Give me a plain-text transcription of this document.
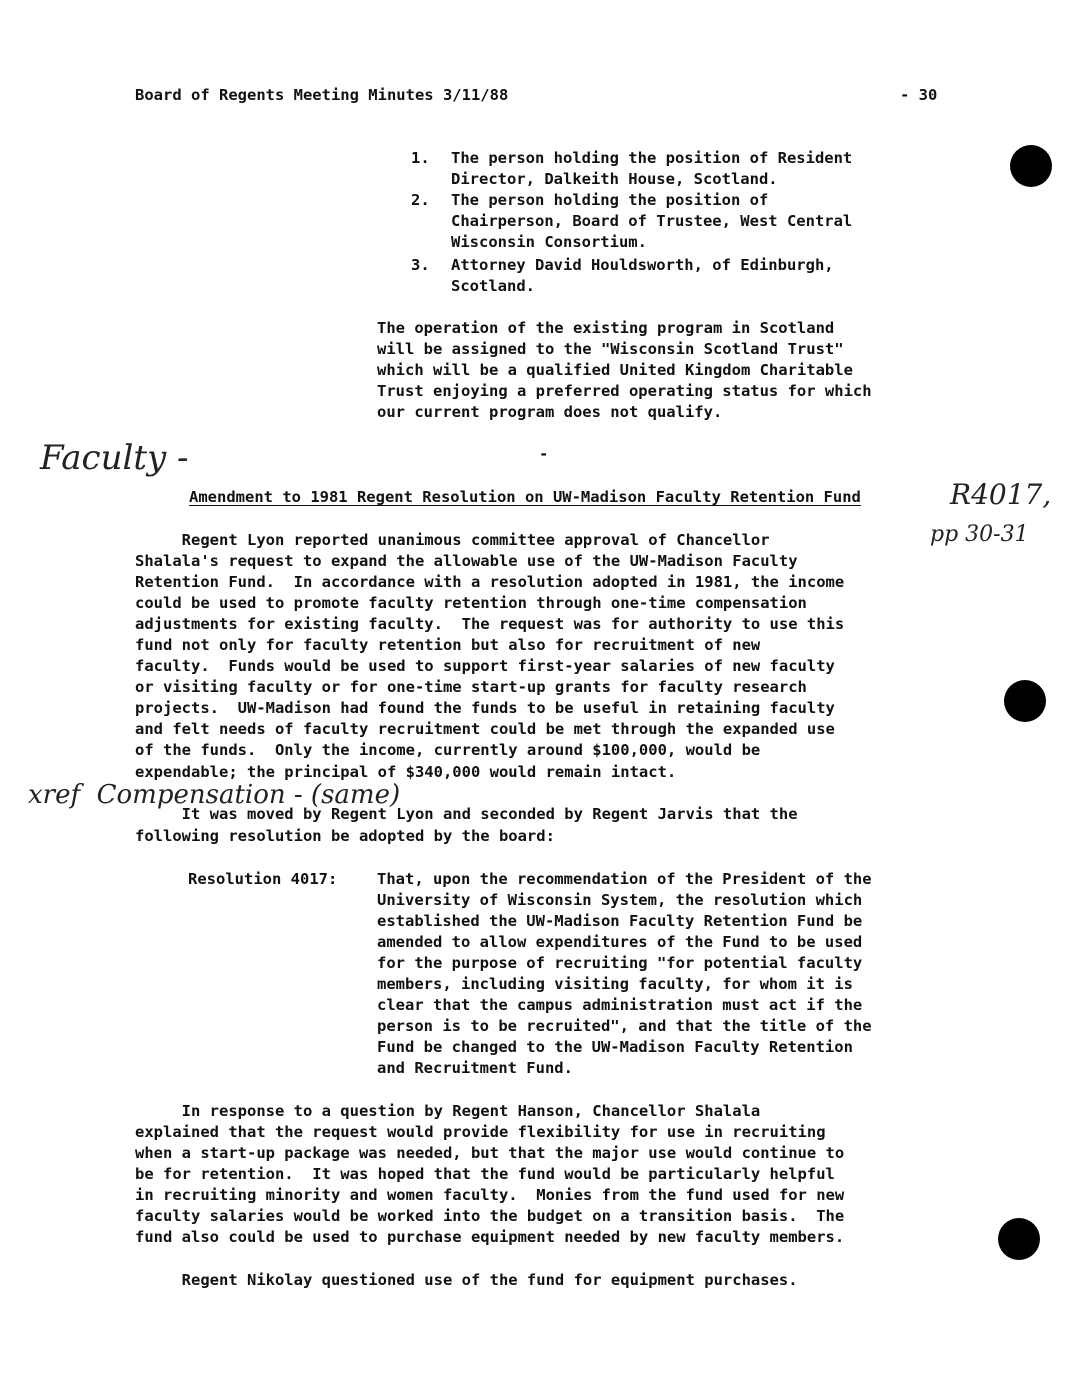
Board of Regents Meeting Minutes 3/11/88	- 30
1. The person holding the position of Resident
Director, Dalkeith House, Scotland.
2. The person holding the position of
Chairperson, Board of Trustee, West Central
Wisconsin Consortium.
3. Attorney David Houldsworth, of Edinburgh,
Scotland.
The operation of the existing program in Scotland
will be assigned to the "Wisconsin Scotland Trust"
which will be a qualified United Kingdom Charitable
Trust enjoying a preferred operating status for which
our current program does not qualify.
-
Amendment to 1981 Regent Resolution on UW-Madison Faculty Retention Fund
Regent Lyon reported unanimous committee approval of Chancellor
Shalala's request to expand the allowable use of the UW-Madison Faculty
Retention Fund.  In accordance with a resolution adopted in 1981, the income
could be used to promote faculty retention through one-time compensation
adjustments for existing faculty.  The request was for authority to use this
fund not only for faculty retention but also for recruitment of new
faculty.  Funds would be used to support first-year salaries of new faculty
or visiting faculty or for one-time start-up grants for faculty research
projects.  UW-Madison had found the funds to be useful in retaining faculty
and felt needs of faculty recruitment could be met through the expanded use
of the funds.  Only the income, currently around $100,000, would be
expendable; the principal of $340,000 would remain intact.
It was moved by Regent Lyon and seconded by Regent Jarvis that the
following resolution be adopted by the board:
Resolution 4017:	That, upon the recommendation of the President of the
University of Wisconsin System, the resolution which
established the UW-Madison Faculty Retention Fund be
amended to allow expenditures of the Fund to be used
for the purpose of recruiting "for potential faculty
members, including visiting faculty, for whom it is
clear that the campus administration must act if the
person is to be recruited", and that the title of the
Fund be changed to the UW-Madison Faculty Retention
and Recruitment Fund.
In response to a question by Regent Hanson, Chancellor Shalala
explained that the request would provide flexibility for use in recruiting
when a start-up package was needed, but that the major use would continue to
be for retention.  It was hoped that the fund would be particularly helpful
in recruiting minority and women faculty.  Monies from the fund used for new
faculty salaries would be worked into the budget on a transition basis.  The
fund also could be used to purchase equipment needed by new faculty members.
Regent Nikolay questioned use of the fund for equipment purchases.
Faculty -
R4017,
pp 30-31
xref  Compensation - (same)
